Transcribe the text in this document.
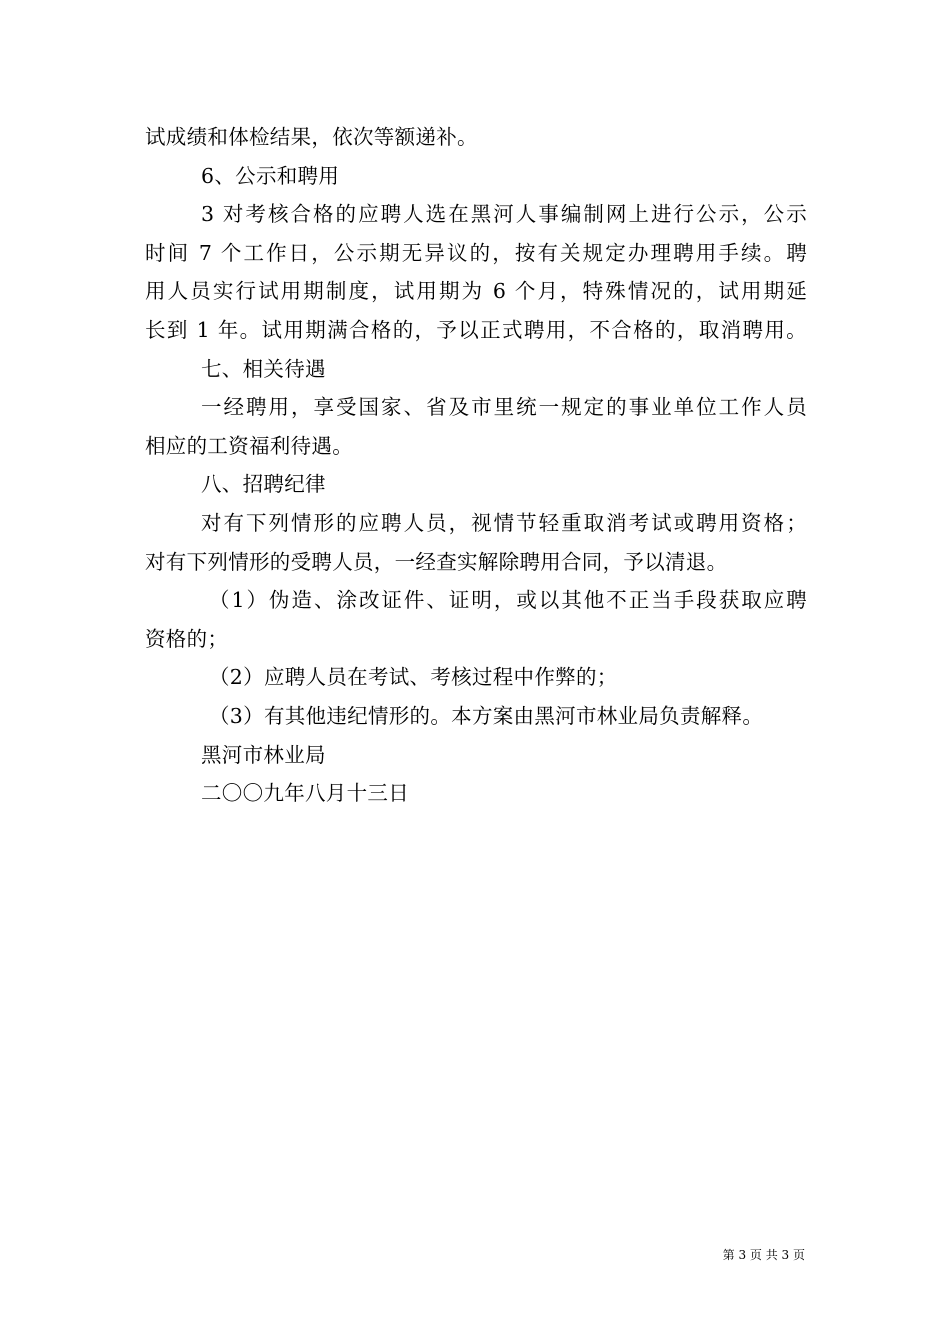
试成绩和体检结果，依次等额递补。
6、公示和聘用
3 对考核合格的应聘人选在黑河人事编制网上进行公示，公示
时间 7 个工作日，公示期无异议的，按有关规定办理聘用手续。聘
用人员实行试用期制度，试用期为 6 个月，特殊情况的，试用期延
长到 1 年。试用期满合格的，予以正式聘用，不合格的，取消聘用。
七、相关待遇
一经聘用，享受国家、省及市里统一规定的事业单位工作人员
相应的工资福利待遇。
八、招聘纪律
对有下列情形的应聘人员，视情节轻重取消考试或聘用资格；
对有下列情形的受聘人员，一经查实解除聘用合同，予以清退。
（1）伪造、涂改证件、证明，或以其他不正当手段获取应聘
资格的；
（2）应聘人员在考试、考核过程中作弊的；
（3）有其他违纪情形的。本方案由黑河市林业局负责解释。
黑河市林业局
二〇〇九年八月十三日
第 3 页 共 3 页
